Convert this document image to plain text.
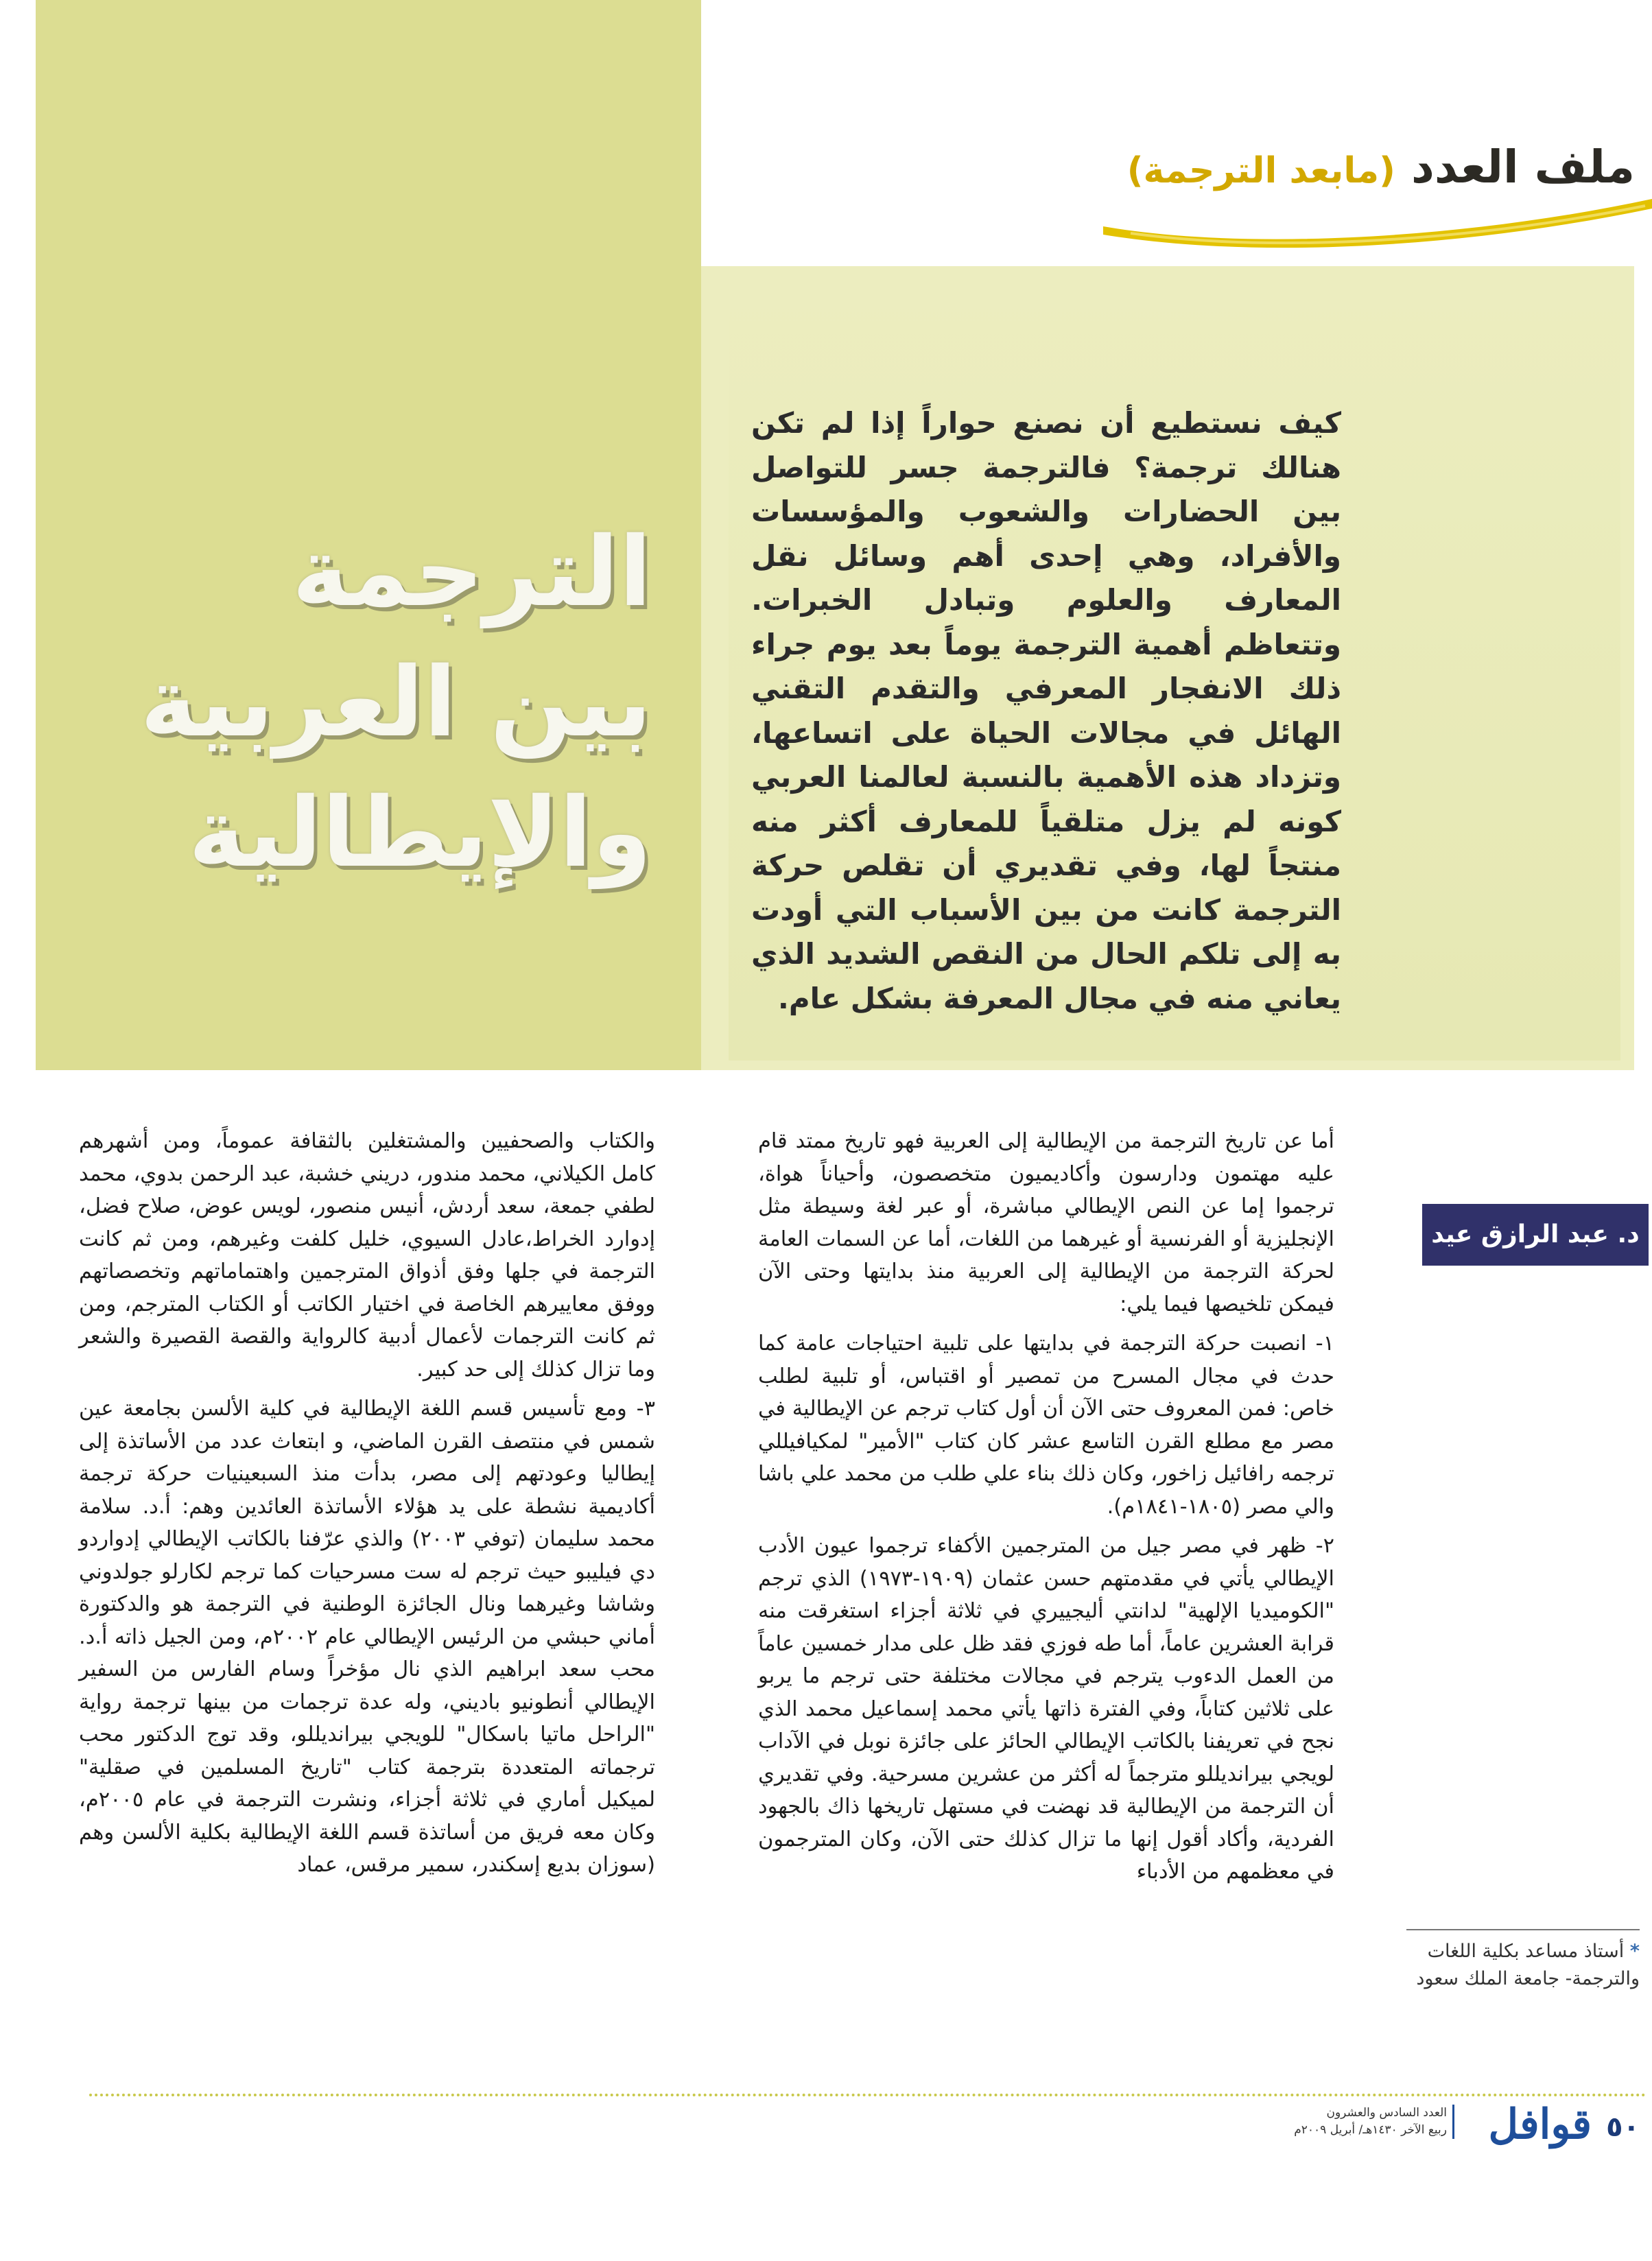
ملف العدد (مابعد الترجمة)
الترجمة
بين العربية
والإيطالية
كيف نستطيع أن نصنع حواراً إذا لم تكن هنالك ترجمة؟ فالترجمة جسر للتواصل بين الحضارات والشعوب والمؤسسات والأفراد، وهي إحدى أهم وسائل نقل المعارف والعلوم وتبادل الخبرات. وتتعاظم أهمية الترجمة يوماً بعد يوم جراء ذلك الانفجار المعرفي والتقدم التقني الهائل في مجالات الحياة على اتساعها، وتزداد هذه الأهمية بالنسبة لعالمنا العربي كونه لم يزل متلقياً للمعارف أكثر منه منتجاً لها، وفي تقديري أن تقلص حركة الترجمة كانت من بين الأسباب التي أودت به إلى تلكم الحال من النقص الشديد الذي يعاني منه في مجال المعرفة بشكل عام.
د. عبد الرازق عيد
*

أما عن تاريخ الترجمة من الإيطالية إلى العربية فهو تاريخ ممتد قام عليه مهتمون ودارسون وأكاديميون متخصصون، وأحياناً هواة، ترجموا إما عن النص الإيطالي مباشرة، أو عبر لغة وسيطة مثل الإنجليزية أو الفرنسية أو غيرهما من اللغات، أما عن السمات العامة لحركة الترجمة من الإيطالية إلى العربية منذ بدايتها وحتى الآن فيمكن تلخيصها فيما يلي:

١- انصبت حركة الترجمة في بدايتها على تلبية احتياجات عامة كما حدث في مجال المسرح من تمصير أو اقتباس، أو تلبية لطلب خاص: فمن المعروف حتى الآن أن أول كتاب ترجم عن الإيطالية في مصر مع مطلع القرن التاسع عشر كان كتاب "الأمير" لمكيافيللي ترجمه رافائيل زاخور، وكان ذلك بناء علي طلب من محمد علي باشا والي مصر (١٨٠٥-١٨٤١م).

٢- ظهر في مصر جيل من المترجمين الأكفاء ترجموا عيون الأدب الإيطالي يأتي في مقدمتهم حسن عثمان (١٩٠٩-١٩٧٣) الذي ترجم "الكوميديا الإلهية" لدانتي أليجييري في ثلاثة أجزاء استغرقت منه قرابة العشرين عاماً، أما طه فوزي فقد ظل على مدار خمسين عاماً من العمل الدءوب يترجم في مجالات مختلفة حتى ترجم ما يربو على ثلاثين كتاباً، وفي الفترة ذاتها يأتي محمد إسماعيل محمد الذي نجح في تعريفنا بالكاتب الإيطالي الحائز على جائزة نوبل في الآداب لويجي بيرانديللو مترجماً له أكثر من عشرين مسرحية. وفي تقديري أن الترجمة من الإيطالية قد نهضت في مستهل تاريخها ذاك بالجهود الفردية، وأكاد أقول إنها ما تزال كذلك حتى الآن، وكان المترجمون في معظمهم من الأدباء

والكتاب والصحفيين والمشتغلين بالثقافة عموماً، ومن أشهرهم كامل الكيلاني، محمد مندور، دريني خشبة، عبد الرحمن بدوي، محمد لطفي جمعة، سعد أردش، أنيس منصور، لويس عوض، صلاح فضل، إدوارد الخراط،عادل السيوي، خليل كلفت وغيرهم، ومن ثم كانت الترجمة في جلها وفق أذواق المترجمين واهتماماتهم وتخصصاتهم ووفق معاييرهم الخاصة في اختيار الكاتب أو الكتاب المترجم، ومن ثم كانت الترجمات لأعمال أدبية كالرواية والقصة القصيرة والشعر وما تزال كذلك إلى حد كبير.

٣- ومع تأسيس قسم اللغة الإيطالية في كلية الألسن بجامعة عين شمس في منتصف القرن الماضي، و ابتعاث عدد من الأساتذة إلى إيطاليا وعودتهم إلى مصر، بدأت منذ السبعينيات حركة ترجمة أكاديمية نشطة على يد هؤلاء الأساتذة العائدين وهم: أ.د. سلامة محمد سليمان (توفي ٢٠٠٣) والذي عرّفنا بالكاتب الإيطالي إدواردو دي فيليبو حيث ترجم له ست مسرحيات كما ترجم لكارلو جولدوني وشاشا وغيرهما ونال الجائزة الوطنية في الترجمة هو والدكتورة أماني حبشي من الرئيس الإيطالي عام ٢٠٠٢م، ومن الجيل ذاته أ.د. محب سعد ابراهيم الذي نال مؤخراً وسام الفارس من السفير الإيطالي أنطونيو باديني، وله عدة ترجمات من بينها ترجمة رواية "الراحل ماتيا باسكال" للويجي بيرانديللو، وقد توج الدكتور محب ترجماته المتعددة بترجمة كتاب "تاريخ المسلمين في صقلية" لميكيل أماري في ثلاثة أجزاء، ونشرت الترجمة في عام ٢٠٠٥م، وكان معه فريق من أساتذة قسم اللغة الإيطالية بكلية الألسن وهم (سوزان بديع إسكندر، سمير مرقس، عماد

* أستاذ مساعد بكلية اللغات والترجمة- جامعة الملك سعود
٥٠
قوافل
العدد السادس والعشرون
ربيع الآخر ١٤٣٠هـ/ أبريل ٢٠٠٩م
